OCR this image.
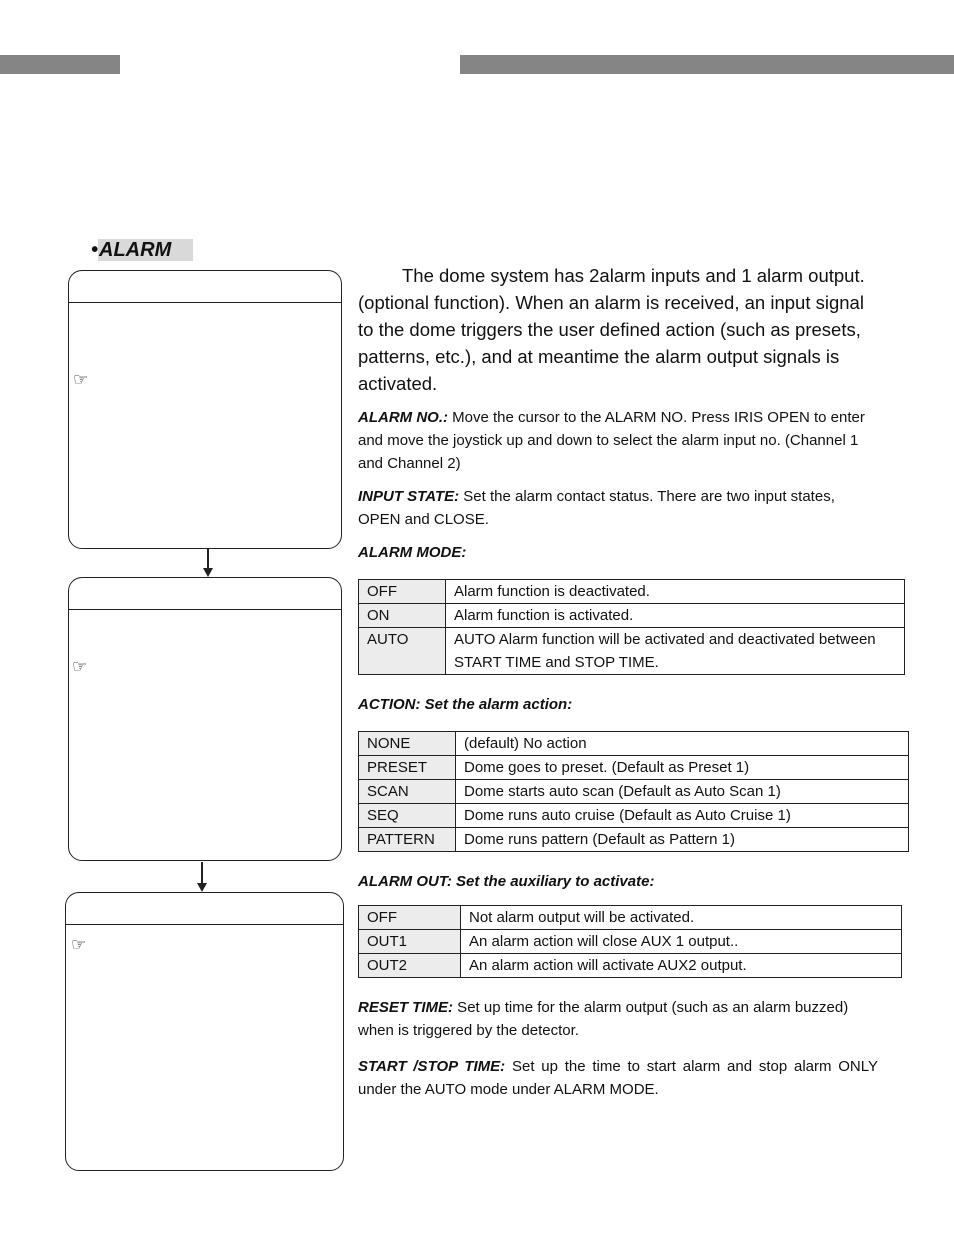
•ALARM
☞
☞
☞

The dome system has 2alarm inputs and 1 alarm output. (optional function). When an alarm is received, an input signal to the dome triggers the user defined action (such as presets, patterns, etc.), and at meantime the alarm output signals is activated.

ALARM NO.: Move the cursor to the ALARM NO. Press IRIS OPEN to enter and move the joystick up and down to select the alarm input no. (Channel 1 and Channel 2)

INPUT STATE: Set the alarm contact status. There are two input states, OPEN and CLOSE.

ALARM MODE:

OFF	Alarm function is deactivated.
ON	Alarm function is activated.
AUTO	AUTO Alarm function will be activated and deactivated between START TIME and STOP TIME.

ACTION: Set the alarm action:

NONE	(default) No action
PRESET	Dome goes to preset. (Default as Preset 1)
SCAN	Dome starts auto scan (Default as Auto Scan 1)
SEQ	Dome runs auto cruise (Default as Auto Cruise 1)
PATTERN	Dome runs pattern (Default as Pattern 1)

ALARM OUT: Set the auxiliary to activate:

OFF	Not alarm output will be activated.
OUT1	An alarm action will close AUX 1 output..
OUT2	An alarm action will activate AUX2 output.

RESET TIME: Set up time for the alarm output (such as an alarm buzzed) when is triggered by the detector.

START /STOP TIME: Set up the time to start alarm and stop alarm ONLY under the AUTO mode under ALARM MODE.
